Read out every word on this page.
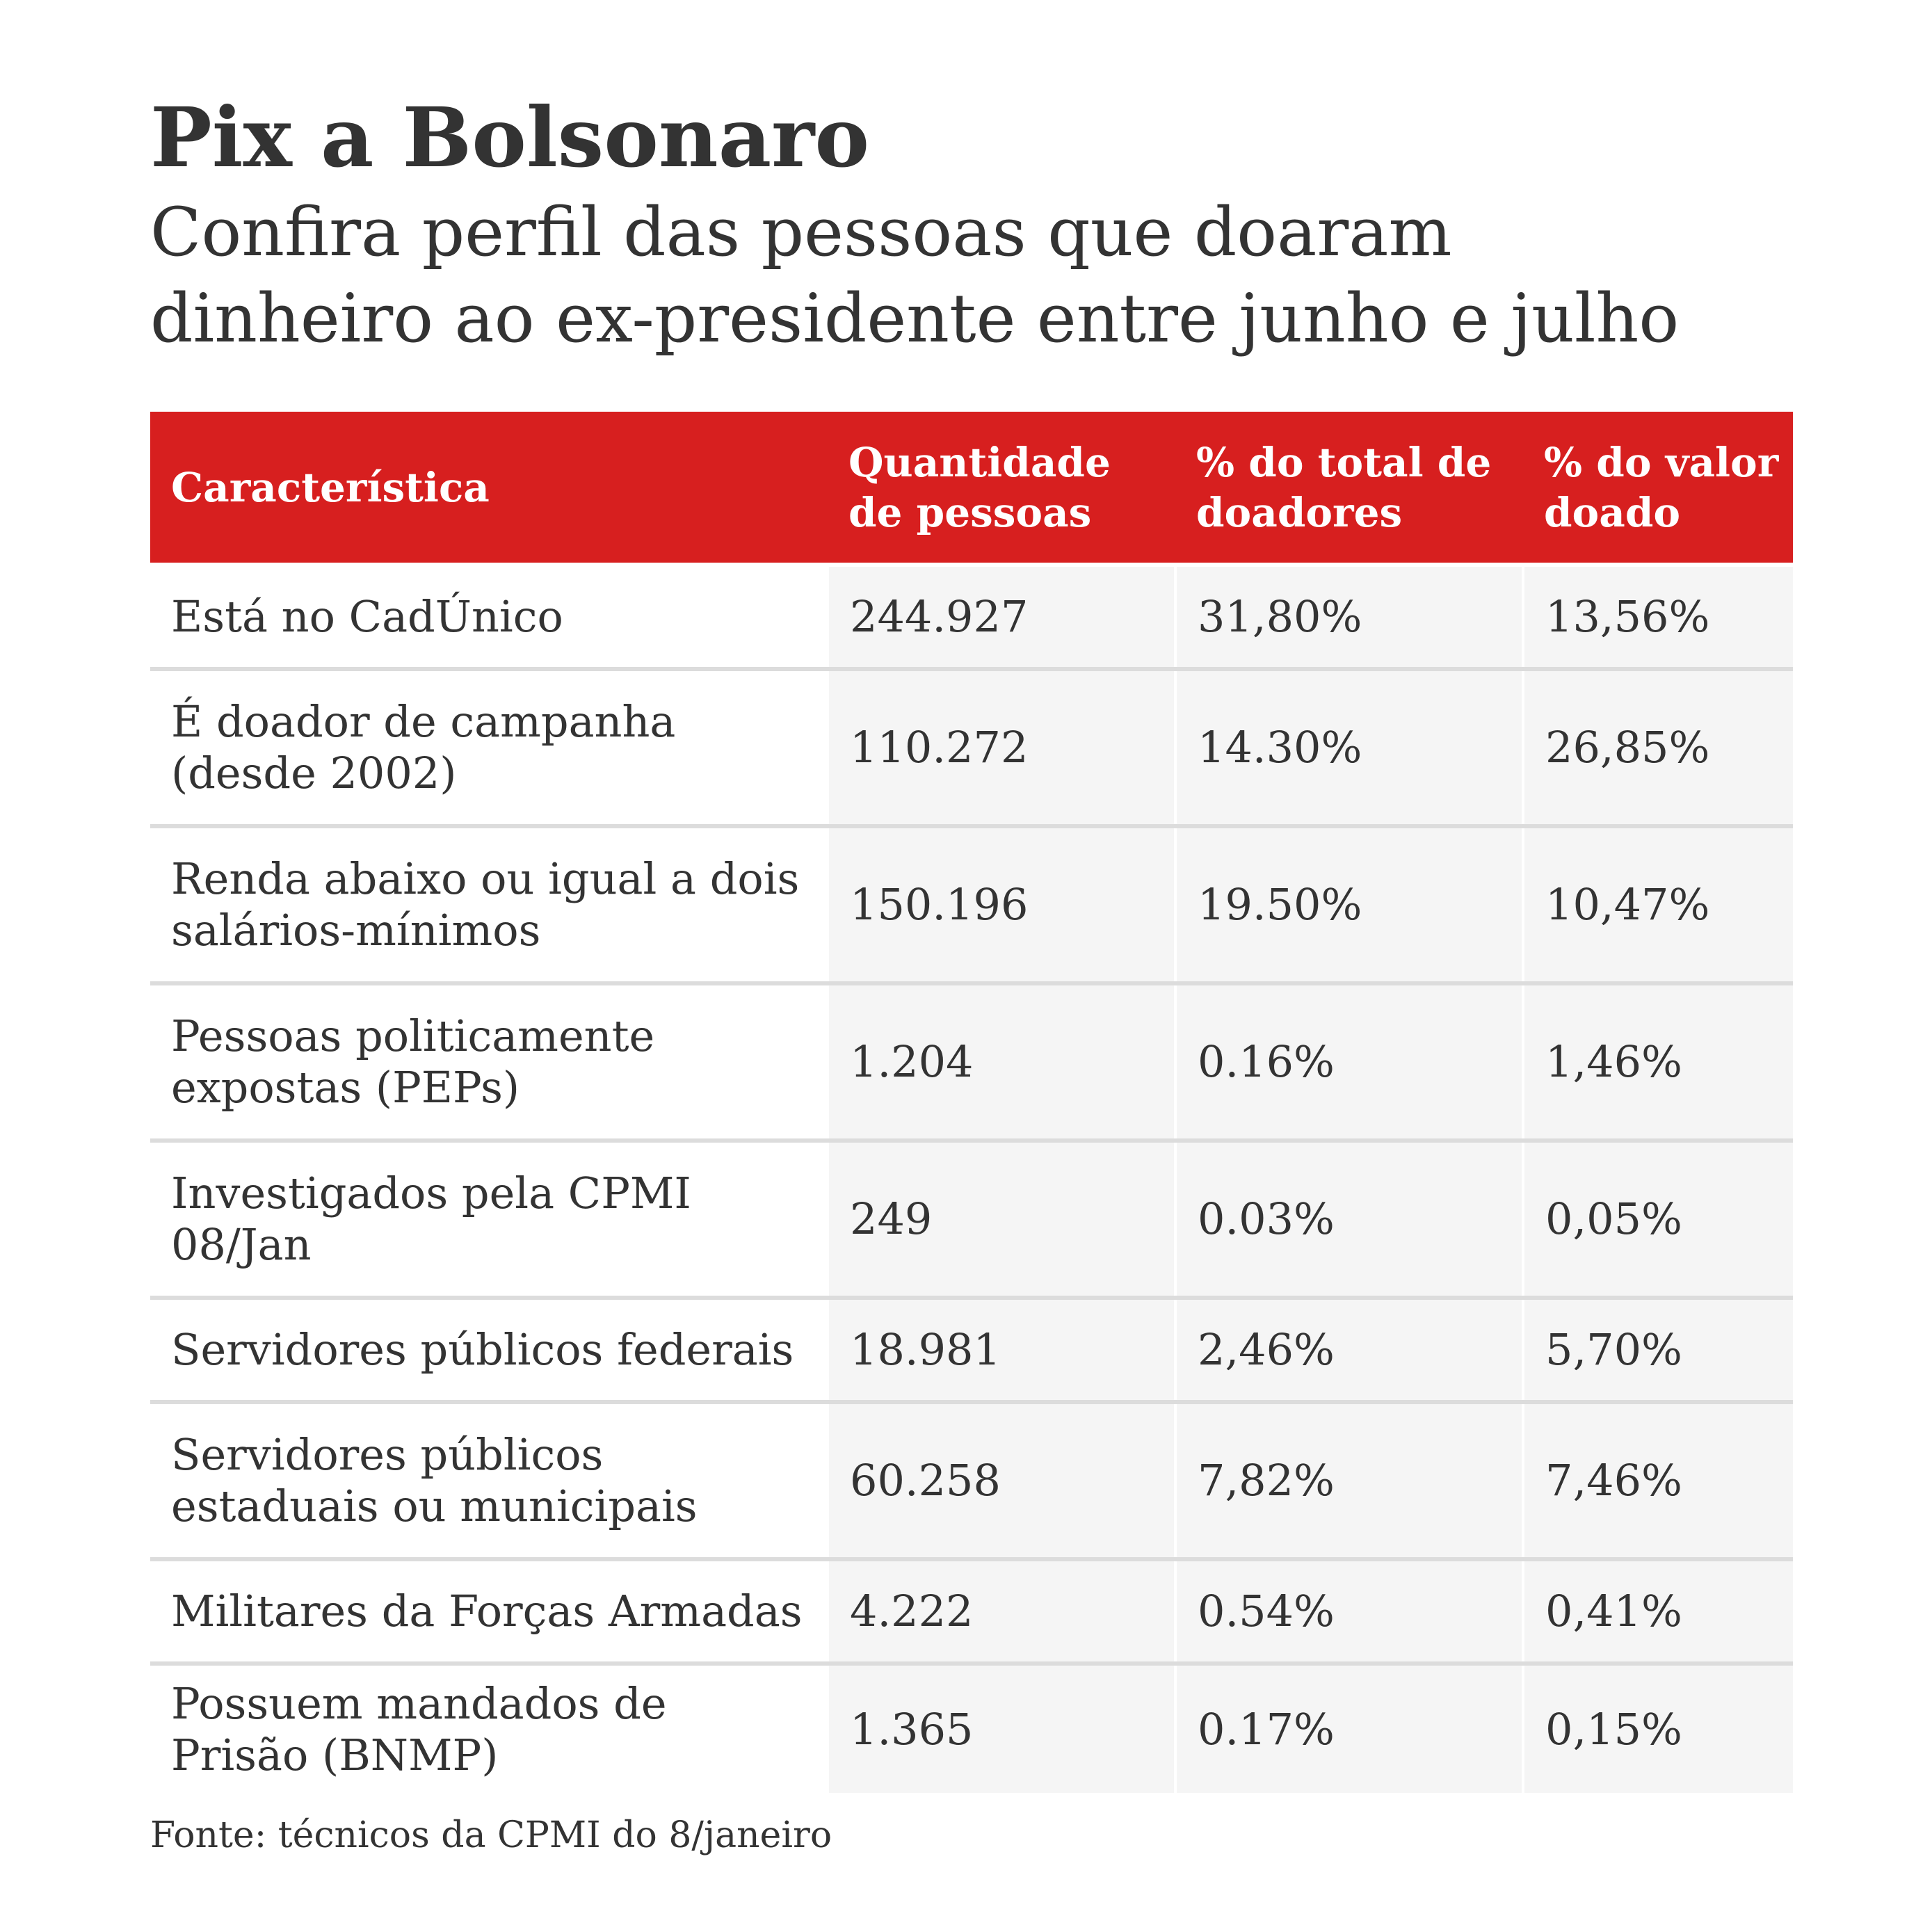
Pix a Bolsonaro
Confira perfil das pessoas que doaram
dinheiro ao ex-presidente entre junho e julho
Característica	Quantidade de pessoas	% do total de doadores	% do valor doado
Está no CadÚnico	244.927	31,80%	13,56%
É doador de campanha (desde 2002)	110.272	14.30%	26,85%
Renda abaixo ou igual a dois salários-mínimos	150.196	19.50%	10,47%
Pessoas politicamente expostas (PEPs)	1.204	0.16%	1,46%
Investigados pela CPMI 08/Jan	249	0.03%	0,05%
Servidores públicos federais	18.981	2,46%	5,70%
Servidores públicos estaduais ou municipais	60.258	7,82%	7,46%
Militares da Forças Armadas	4.222	0.54%	0,41%
Possuem mandados de Prisão (BNMP)	1.365	0.17%	0,15%

Fonte: técnicos da CPMI do 8/janeiro
